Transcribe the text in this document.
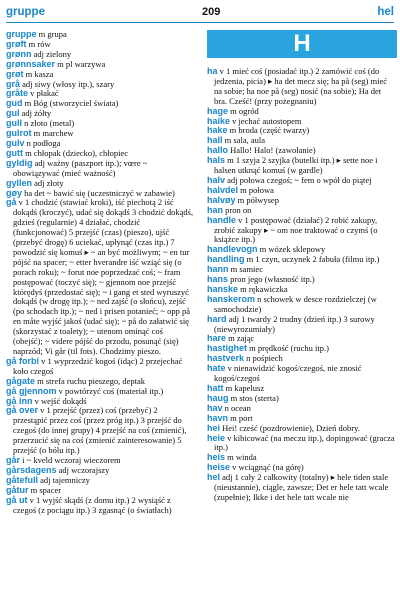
gruppe	209	hel
gruppe m grupa
grøft m rów
grønn adj zielony
grønnsaker m pl warzywa
grøt m kasza
grå adj siwy (włosy itp.), szary
gråte v płakać
gud m Bóg (stworzyciel świata)
gul adj żółty
gull n złoto (metal)
gulrot m marchew
gulv n podłoga
gutt m chłopak (dziecko), chłopiec
gyldig adj ważny (paszport itp.); vœre ~ obowiązywać (mieć ważność)
gyllen adj złoty
gøy ha det ~ bawić się (uczestniczyć w zabawie)
gå v 1 chodzić (stawiać kroki), iść piechotą 2 iść dokądś (kroczyć), udać się dokądś 3 chodzić dokądś, gdzieś (regularnie) 4 działać, chodzić (funkcjonować) 5 przejść (czas) (pieszo), ujść (przebyć drogę) 6 uciekać, upłynąć (czas itp.) 7 powodzić się komuś ▸ ~ an być możliwym; ~ en tur pójść na spacer; ~ etter hverandre iść wziąć się (o porach roku); ~ forut noe poprzedzać coś; ~ fram postępować (toczyć się); ~ gjennom noe przejść którędyś (przedostać się); ~ i gang et sted wyruszyć dokądś (w drogę itp.); ~ ned zajść (o słońcu), zejść (po schodach itp.); ~ ned i prisen potanieć; ~ opp på en måte wyjść jakoś (udać się); ~ på do załatwić się (skorzystać z toalety); ~ utenom ominąć coś (obejść); ~ videre pójść do przodu, posunąć (się) naprzód; Vi går (til fots). Chodzimy pieszo.
gå forbi v 1 wyprzedzić kogoś (idąc) 2 przejechać koło czegoś
gågate m strefa ruchu pieszego, deptak
gå gjennom v powtórzyć coś (materiał itp.)
gå inn v wejść dokądś
gå over v 1 przejść (przez) coś (przebyć) 2 przestąpić przez coś (przez próg itp.) 3 przejść do czegoś (do innej grupy) 4 przejść na coś (zmienić), przerzucić się na coś (zmienić zainteresowanie) 5 przejść (o bólu itp.)
går i ~ kveld wczoraj wieczorem
gårsdagens adj wczorajszy
gåtefull adj tajemniczy
gåtur m spacer
gå ut v 1 wyjść skądś (z domu itp.) 2 wysiąść z czegoś (z pociągu itp.) 3 zgasnąć (o światłach)
H
ha v 1 mieć coś (posiadać itp.) 2 zamówić coś (do jedzenia, picia) ▸ ha det mecz się; ha på (seg) mieć na sobie; ha noe på (seg) nosić (na sobie); Ha det bra. Cześć! (przy pożegnaniu)
hage m ogród
haike v jechać autostopem
hake m broda (część twarzy)
hall m sala, aula
hallo Hallo! Halo! (zawołanie)
hals m 1 szyja 2 szyjka (butelki itp.) ▸ sette noe i halsen utknąć komuś (w gardle)
halv adj połowa czegoś; ~ fem o wpół do piątej
halvdel m połowa
halvøy m półwysep
han pron on
handle v 1 postępować (działać) 2 robić zakupy, zrobić zakupy ▸ ~ om noe traktować o czymś (o książce itp.)
handlevogn m wózek sklepowy
handling m 1 czyn, uczynek 2 fabuła (filmu itp.)
hann m samiec
hans pron jego (własność itp.)
hanske m rękawiczka
hanskerom n schowek w desce rozdzielczej (w samochodzie)
hard adj 1 twardy 2 trudny (dzień itp.) 3 surowy (niewyrozumiały)
hare m zając
hastighet m prędkość (ruchu itp.)
hastverk n pośpiech
hate v nienawidzić kogoś/czegoś, nie znosić kogoś/czegoś
hatt m kapelusz
haug m stos (sterta)
hav n ocean
havn m port
hei Hei! cześć (pozdrowienie), Dzień dobry.
heie v kibicować (na meczu itp.), dopingować (gracza itp.)
heis m winda
heise v wciągnąć (na górę)
hel adj 1 cały 2 całkowity (totalny) ▸ hele tiden stale (nieustannie), ciągle, zawsze; Det er hele tatt wcale (zupełnie); Ikke i det hele tatt wcale nie
